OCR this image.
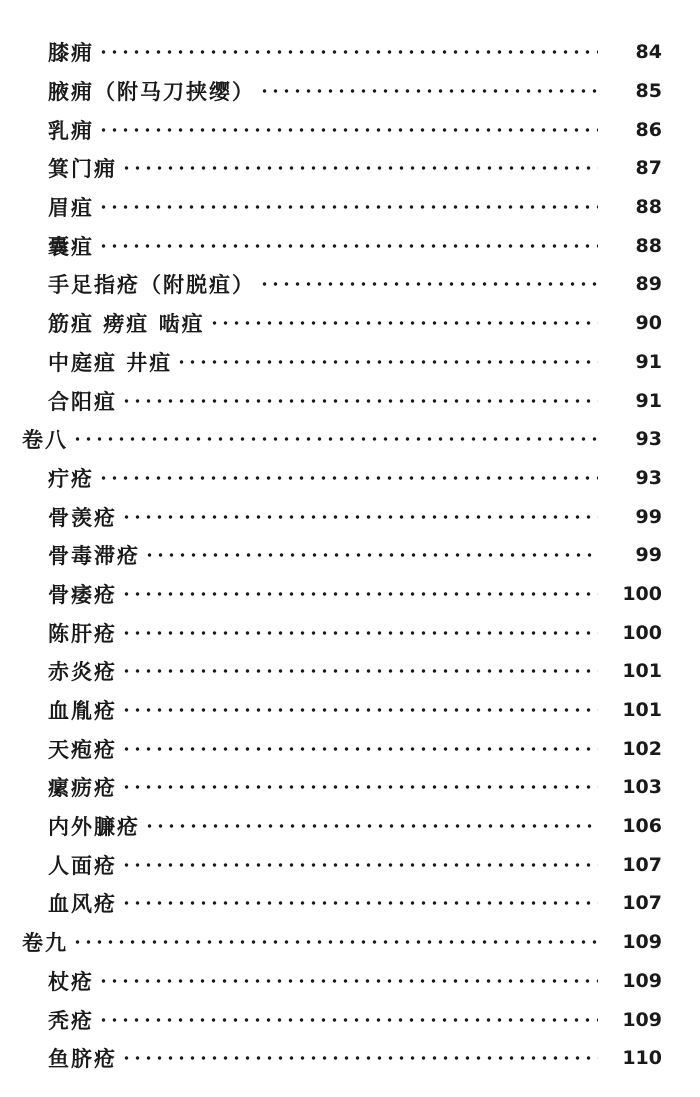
膝痈	84
腋痈（附马刀挟缨）	85
乳痈	86
箕门痈	87
眉疽	88
囊疽	88
手足指疮（附脱疽）	89
筋疽 痨疽 啮疽	90
中庭疽 井疽	91
合阳疽	91
卷八	93
疔疮	93
骨羡疮	99
骨毒滞疮	99
骨痿疮	100
陈肝疮	100
赤炎疮	101
血胤疮	101
天疱疮	102
瘰疬疮	103
内外臁疮	106
人面疮	107
血风疮	107
卷九	109
杖疮	109
秃疮	109
鱼脐疮	110
